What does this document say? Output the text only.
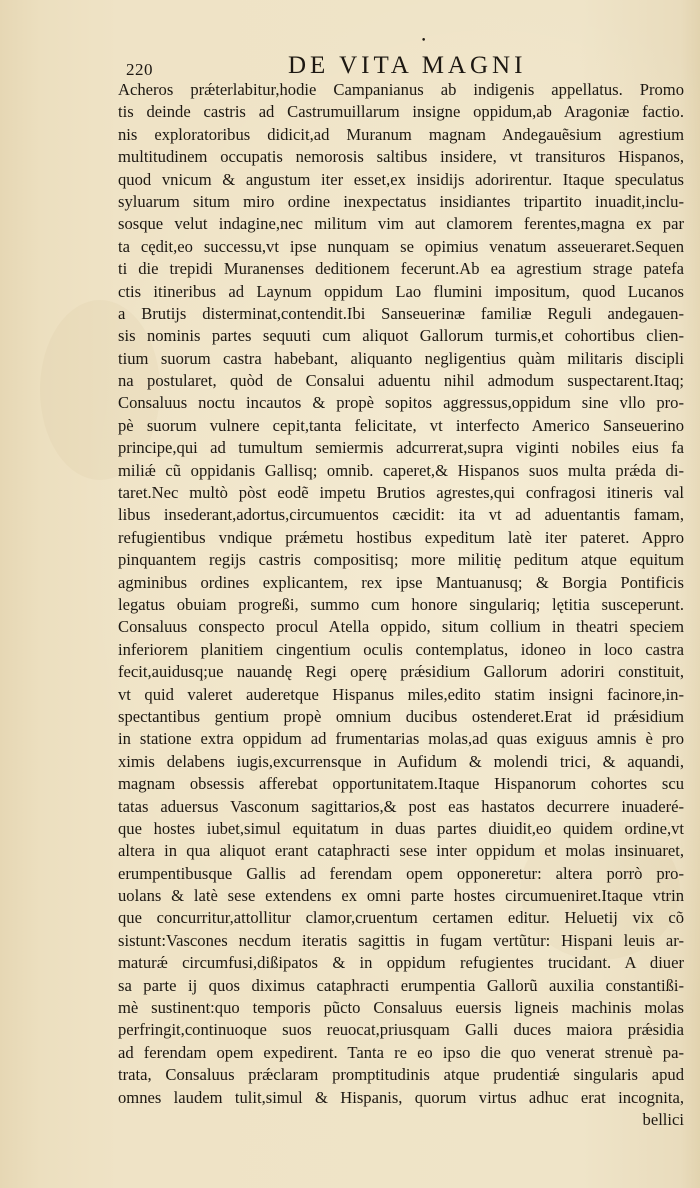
•
220	DE VITA MAGNI
Acheros prǽterlabitur,hodie Campanianus ab indigenis appellatus. Promo
tis deinde castris ad Castrumuillarum insigne oppidum,ab Aragoniæ factio.
nis exploratoribus didicit,ad Muranum magnam Andegauẽsium agrestium
multitudinem occupatis nemorosis saltibus insidere, vt transituros Hispanos,
quod vnicum & angustum iter esset,ex insidijs adorirentur. Itaque speculatus
syluarum situm miro ordine inexpectatus insidiantes tripartito inuadit,inclu-
sosque velut indagine,nec militum vim aut clamorem ferentes,magna ex par
ta cędit,eo successu,vt ipse nunquam se opimius venatum asseueraret.Sequen
ti die trepidi Muranenses deditionem fecerunt.Ab ea agrestium strage patefa
ctis itineribus ad Laynum oppidum Lao flumini impositum, quod Lucanos
a Brutijs disterminat,contendit.Ibi Sanseuerinæ familiæ Reguli andegauen-
sis nominis partes sequuti cum aliquot Gallorum turmis,et cohortibus clien-
tium suorum castra habebant, aliquanto negligentius quàm militaris discipli
na postularet, quòd de Consalui aduentu nihil admodum suspectarent.Itaq;
Consaluus noctu incautos & propè sopitos aggressus,oppidum sine vllo pro-
pè suorum vulnere cepit,tanta felicitate, vt interfecto Americo Sanseuerino
principe,qui ad tumultum semiermis adcurrerat,supra viginti nobiles eius fa
miliǽ cũ oppidanis Gallisq; omnib. caperet,& Hispanos suos multa prǽda di-
taret.Nec multò pòst eodẽ impetu Brutios agrestes,qui confragosi itineris val
libus insederant,adortus,circumuentos cæcidit: ita vt ad aduentantis famam,
refugientibus vndique prǽmetu hostibus expeditum latè iter pateret. Appro
pinquantem regijs castris compositisq; more militię peditum atque equitum
agminibus ordines explicantem, rex ipse Mantuanusq; & Borgia Pontificis
legatus obuiam progreßi, summo cum honore singulariq; lętitia susceperunt.
Consaluus conspecto procul Atella oppido, situm collium in theatri speciem
inferiorem planitiem cingentium oculis contemplatus, idoneo in loco castra
fecit,auidusq;ue nauandę Regi operę prǽsidium Gallorum adoriri constituit,
vt quid valeret auderetque Hispanus miles,edito statim insigni facinore,in-
spectantibus gentium propè omnium ducibus ostenderet.Erat id prǽsidium
in statione extra oppidum ad frumentarias molas,ad quas exiguus amnis è pro
ximis delabens iugis,excurrensque in Aufidum & molendi trici, & aquandi,
magnam obsessis afferebat opportunitatem.Itaque Hispanorum cohortes scu
tatas aduersus Vasconum sagittarios,& post eas hastatos decurrere inuaderé-
que hostes iubet,simul equitatum in duas partes diuidit,eo quidem ordine,vt
altera in qua aliquot erant cataphracti sese inter oppidum et molas insinuaret,
erumpentibusque Gallis ad ferendam opem opponeretur: altera porrò pro-
uolans & latè sese extendens ex omni parte hostes circumueniret.Itaque vtrin
que concurritur,attollitur clamor,cruentum certamen editur. Heluetij vix cõ
sistunt:Vascones necdum iteratis sagittis in fugam vertũtur: Hispani leuis ar-
maturǽ circumfusi,dißipatos & in oppidum refugientes trucidant. A diuer
sa parte ij quos diximus cataphracti erumpentia Gallorũ auxilia constantißi-
mè sustinent:quo temporis pũcto Consaluus euersis ligneis machinis molas
perfringit,continuoque suos reuocat,priusquam Galli duces maiora prǽsidia
ad ferendam opem expedirent. Tanta re eo ipso die quo venerat strenuè pa-
trata, Consaluus prǽclaram promptitudinis atque prudentiǽ singularis apud
omnes laudem tulit,simul & Hispanis, quorum virtus adhuc erat incognita,
bellici
